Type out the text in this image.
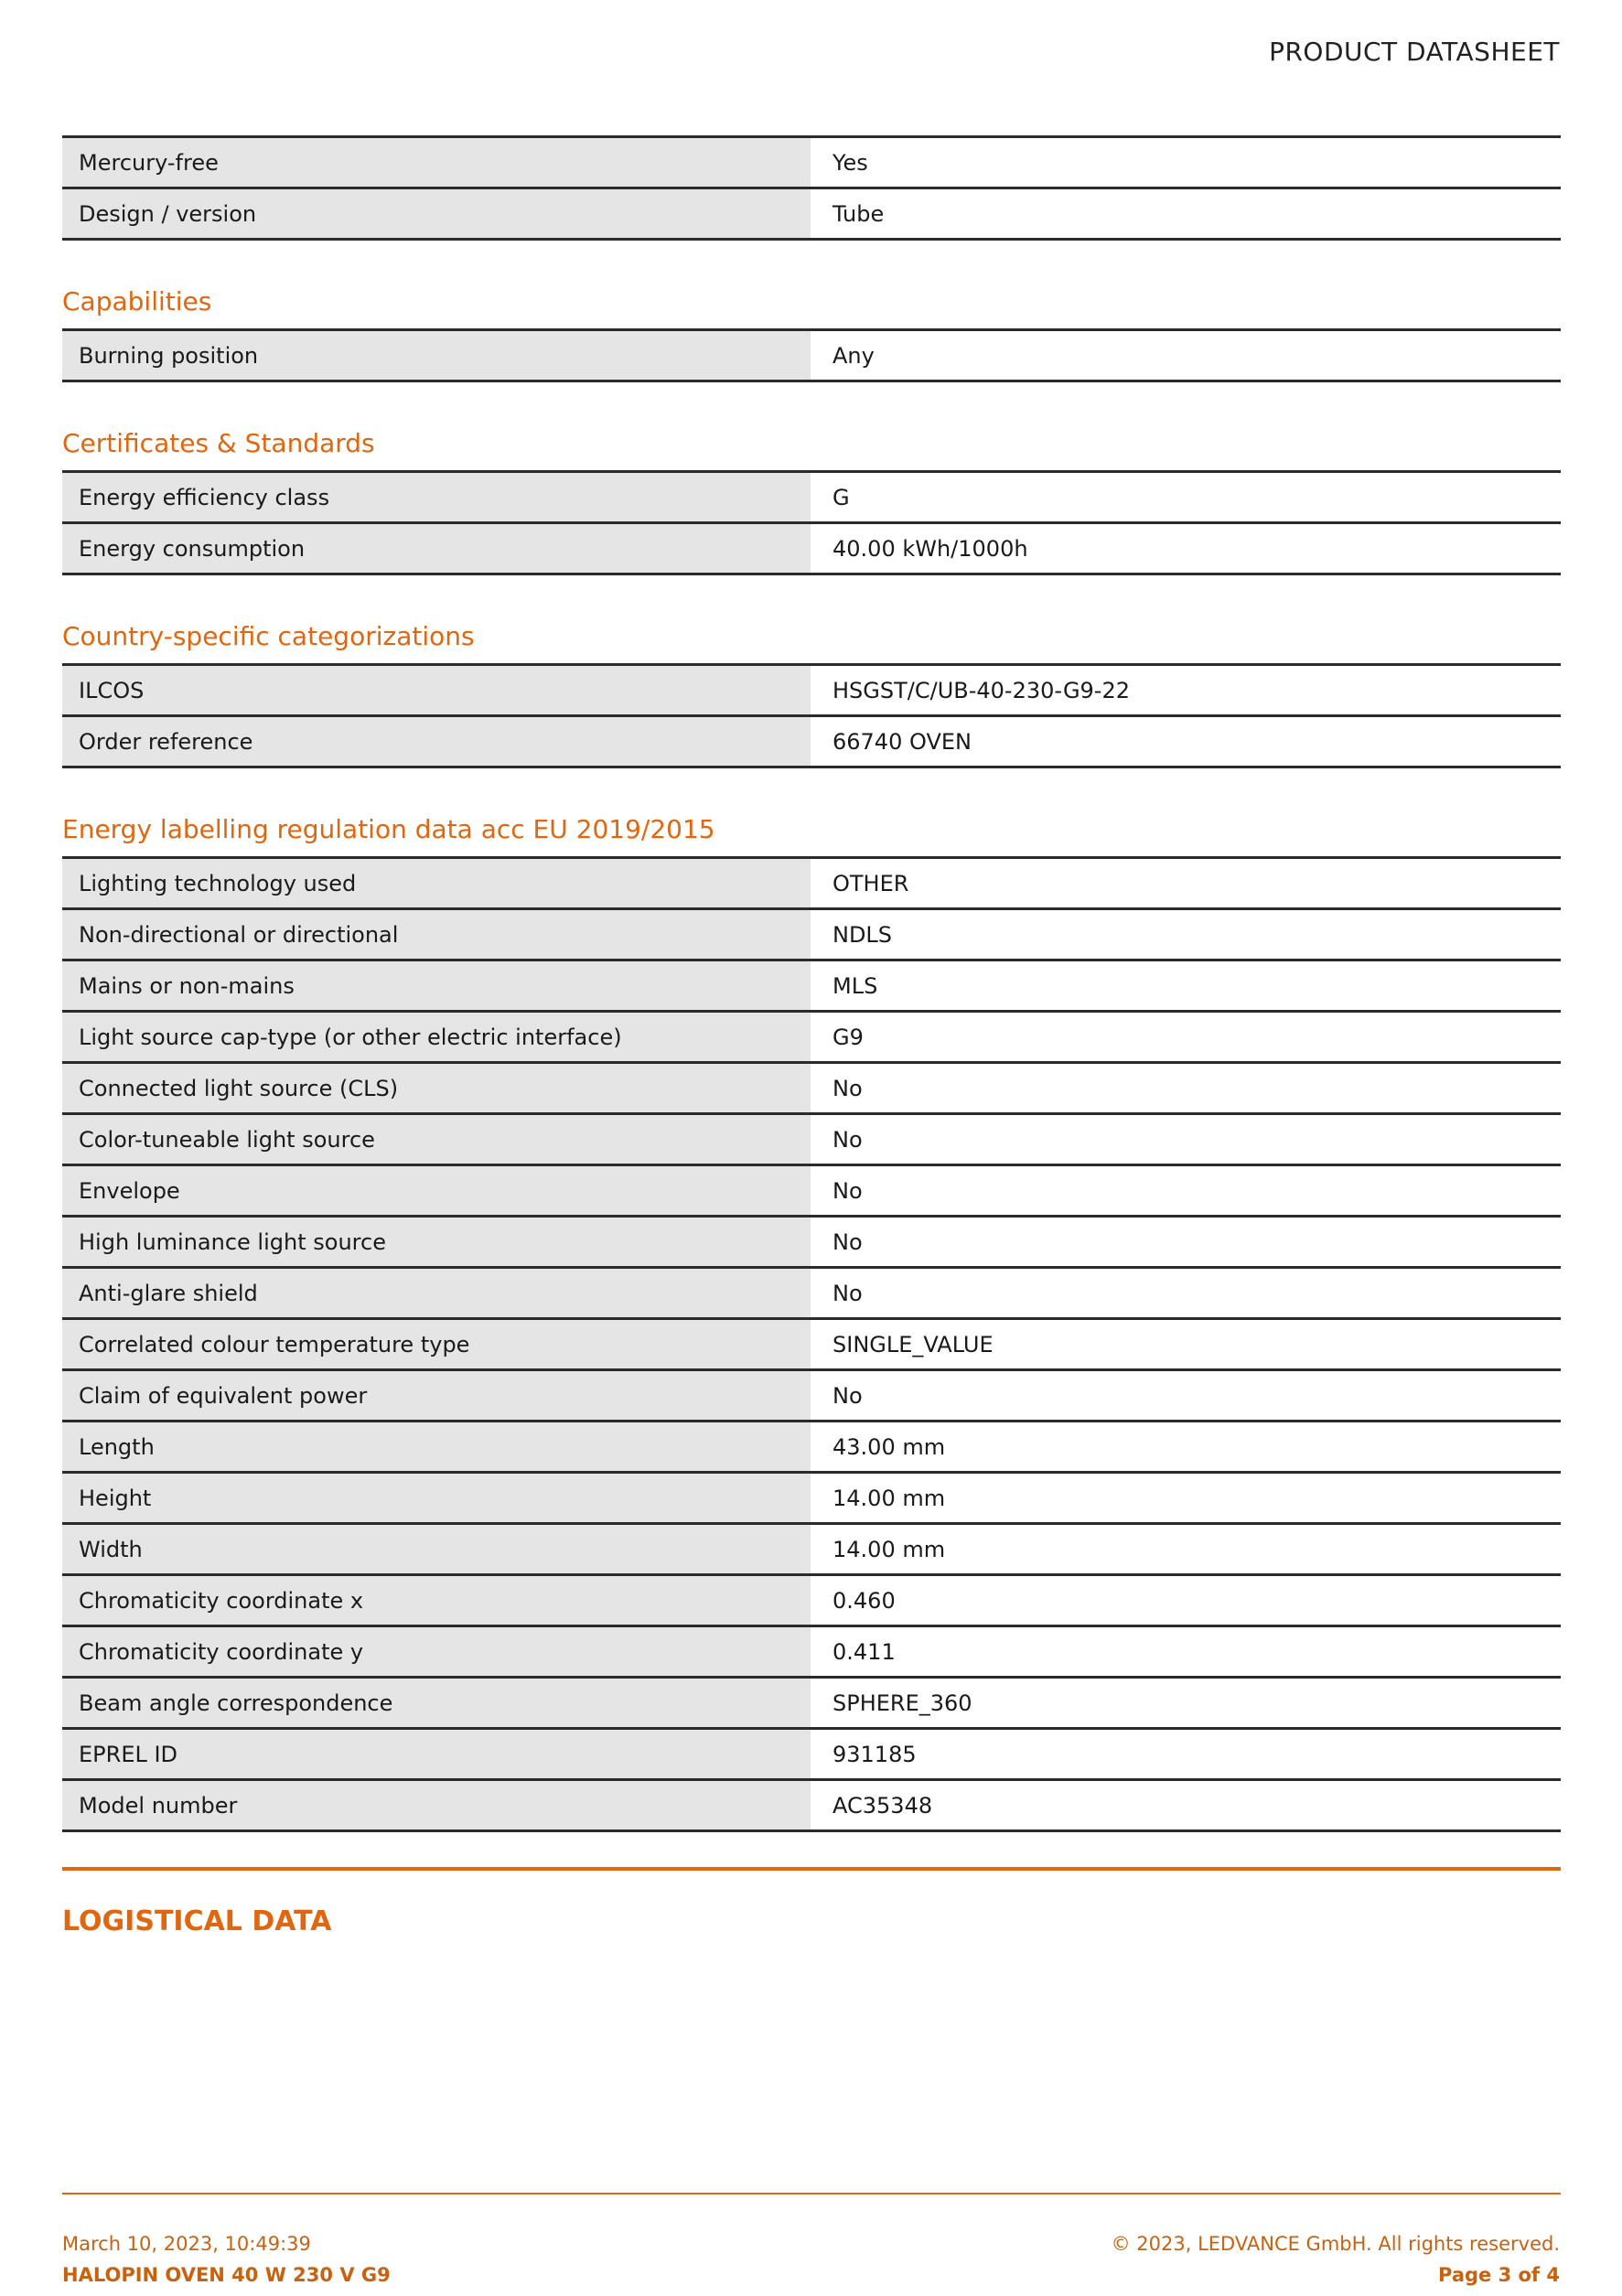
PRODUCT DATASHEET
Mercury-free		Yes
Design / version		Tube
Capabilities
Burning position		Any
Certificates & Standards
Energy efficiency class		G
Energy consumption		40.00 kWh/1000h
Country-specific categorizations
ILCOS		HSGST/C/UB-40-230-G9-22
Order reference		66740 OVEN
Energy labelling regulation data acc EU 2019/2015
Lighting technology used		OTHER
Non-directional or directional		NDLS
Mains or non-mains		MLS
Light source cap-type (or other electric interface)		G9
Connected light source (CLS)		No
Color-tuneable light source		No
Envelope		No
High luminance light source		No
Anti-glare shield		No
Correlated colour temperature type		SINGLE_VALUE
Claim of equivalent power		No
Length		43.00 mm
Height		14.00 mm
Width		14.00 mm
Chromaticity coordinate x		0.460
Chromaticity coordinate y		0.411
Beam angle correspondence		SPHERE_360
EPREL ID		931185
Model number		AC35348
LOGISTICAL DATA
March 10, 2023, 10:49:39
HALOPIN OVEN 40 W 230 V G9
© 2023, LEDVANCE GmbH. All rights reserved.
Page 3 of 4
